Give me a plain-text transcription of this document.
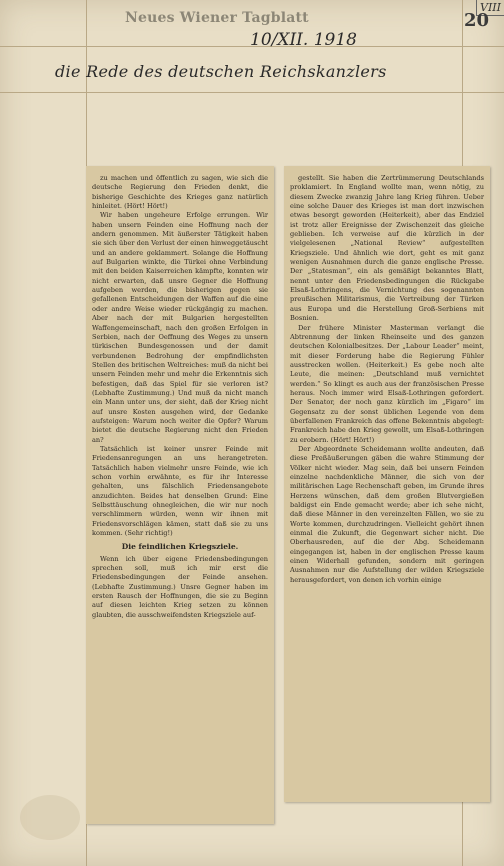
VIII
Neues Wiener Tagblatt
10/XII. 1918
20
die Rede des deutschen Reichskanzlers

zu machen und öffentlich zu sagen, wie sich die deutsche Regierung den Frieden denkt, die bisherige Geschichte des Krieges ganz natürlich hinleitet. (Hört! Hört!)

Wir haben ungeheure Erfolge errungen. Wir haben unsern Feinden eine Hoffnung nach der andern genommen. Mit äußerster Tätigkeit haben sie sich über den Verlust der einen hinweggetäuscht und an andere geklammert. Solange die Hoffnung auf Bulgarien winkte, die Türkei ohne Verbindung mit den beiden Kaiserreichen kämpfte, konnten wir nicht erwarten, daß unsre Gegner die Hoffnung aufgeben werden, die bisherigen gegen sie gefallenen Entscheidungen der Waffen auf die eine oder andre Weise wieder rückgängig zu machen. Aber nach der mit Bulgarien hergestellten Waffengemeinschaft, nach den großen Erfolgen in Serbien, nach der Oeffnung des Weges zu unsern türkischen Bundesgenossen und der damit verbundenen Bedrohung der empfindlichsten Stellen des britischen Weltreiches: muß da nicht bei unsern Feinden mehr und mehr die Erkenntnis sich befestigen, daß das Spiel für sie verloren ist? (Lebhafte Zustimmung.) Und muß da nicht manch ein Mann unter uns, der sieht, daß der Krieg nicht auf unsre Kosten ausgehen wird, der Gedanke aufsteigen: Warum noch weiter die Opfer? Warum bietet die deutsche Regierung nicht den Frieden an?

Tatsächlich ist keiner unsrer Feinde mit Friedensanregungen an uns herangetreten. Tatsächlich haben vielmehr unsre Feinde, wie ich schon vorhin erwähnte, es für ihr Interesse gehalten, uns fälschlich Friedensangebote anzudichten. Beides hat denselben Grund: Eine Selbsttäuschung ohnegleichen, die wir nur noch verschlimmern würden, wenn wir ihnen mit Friedensvorschlägen kämen, statt daß sie zu uns kommen. (Sehr richtig!)

Die feindlichen Kriegsziele.

Wenn ich über eigene Friedensbedingungen sprechen soll, muß ich mir erst die Friedensbedingungen der Feinde ansehen. (Lebhafte Zustimmung.) Unsre Gegner haben im ersten Rausch der Hoffnungen, die sie zu Beginn auf diesen leichten Krieg setzen zu können glaubten, die ausschweifendsten Kriegsziele auf-

gestellt. Sie haben die Zertrümmerung Deutschlands proklamiert. In England wollte man, wenn nötig, zu diesem Zwecke zwanzig Jahre lang Krieg führen. Ueber eine solche Dauer des Krieges ist man dort inzwischen etwas besorgt geworden (Heiterkeit), aber das Endziel ist trotz aller Ereignisse der Zwischenzeit das gleiche geblieben. Ich verweise auf die kürzlich in der vielgelesenen „National Review“ aufgestellten Kriegsziele. Und ähnlich wie dort, geht es mit ganz wenigen Ausnahmen durch die ganze englische Presse. Der „Statesman“, ein als gemäßigt bekanntes Blatt, nennt unter den Friedensbedingungen die Rückgabe Elsaß-Lothringens, die Vernichtung des sogenannten preußischen Militarismus, die Vertreibung der Türken aus Europa und die Herstellung Groß-Serbiens mit Bosnien.

Der frühere Minister Masterman verlangt die Abtrennung der linken Rheinseite und des ganzen deutschen Kolonialbesitzes. Der „Labour Leader“ meint, mit dieser Forderung habe die Regierung Fühler ausstrecken wollen. (Heiterkeit.) Es gebe noch alte Leute, die meinen: „Deutschland muß vernichtet werden.“ So klingt es auch aus der französischen Presse heraus. Noch immer wird Elsaß-Lothringen gefordert. Der Senator, der noch ganz kürzlich im „Figaro“ im Gegensatz zu der sonst üblichen Legende von dem überfallenen Frankreich das offene Bekenntnis abgelegt: Frankreich habe den Krieg gewollt, um Elsaß-Lothringen zu erobern. (Hört! Hört!)

Der Abgeordnete Scheidemann wollte andeuten, daß diese Preßäußerungen gäben die wahre Stimmung der Völker nicht wieder. Mag sein, daß bei unsern Feinden einzelne nachdenkliche Männer, die sich von der militärischen Lage Rechenschaft geben, im Grunde ihres Herzens wünschen, daß dem großen Blutvergießen baldigst ein Ende gemacht werde; aber ich sehe nicht, daß diese Männer in den vereinzelten Fällen, wo sie zu Worte kommen, durchzudringen. Vielleicht gehört ihnen einmal die Zukunft, die Gegenwart sicher nicht. Die Oberhausreden, auf die der Abg. Scheidemann eingegangen ist, haben in der englischen Presse kaum einen Widerhall gefunden, sondern mit geringen Ausnahmen nur die Aufstellung der wilden Kriegsziele herausgefordert, von denen ich vorhin einige
